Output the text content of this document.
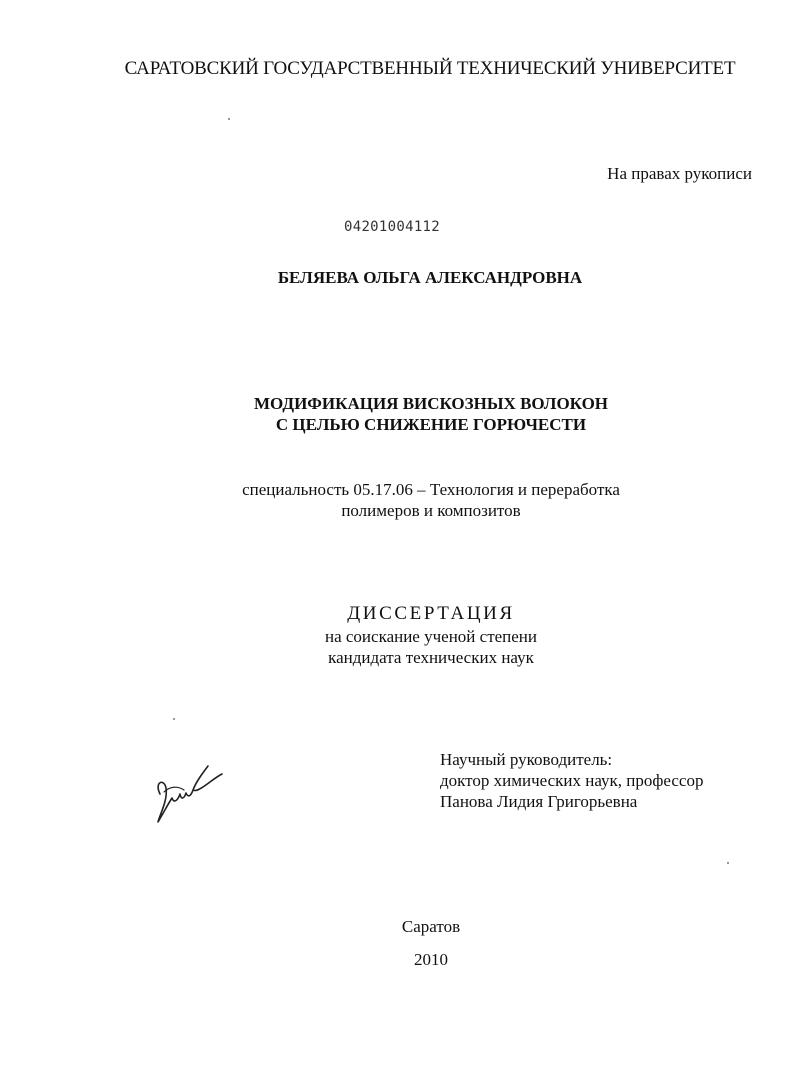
САРАТОВСКИЙ ГОСУДАРСТВЕННЫЙ ТЕХНИЧЕСКИЙ УНИВЕРСИТЕТ
На правах рукописи
04201004112
БЕЛЯЕВА ОЛЬГА АЛЕКСАНДРОВНА
МОДИФИКАЦИЯ ВИСКОЗНЫХ ВОЛОКОН
С ЦЕЛЬЮ СНИЖЕНИЕ ГОРЮЧЕСТИ
специальность 05.17.06 – Технология и переработка
полимеров и композитов
ДИССЕРТАЦИЯ
на соискание ученой степени
кандидата технических наук
Научный руководитель:
доктор химических наук, профессор
Панова Лидия Григорьевна
Саратов
2010
